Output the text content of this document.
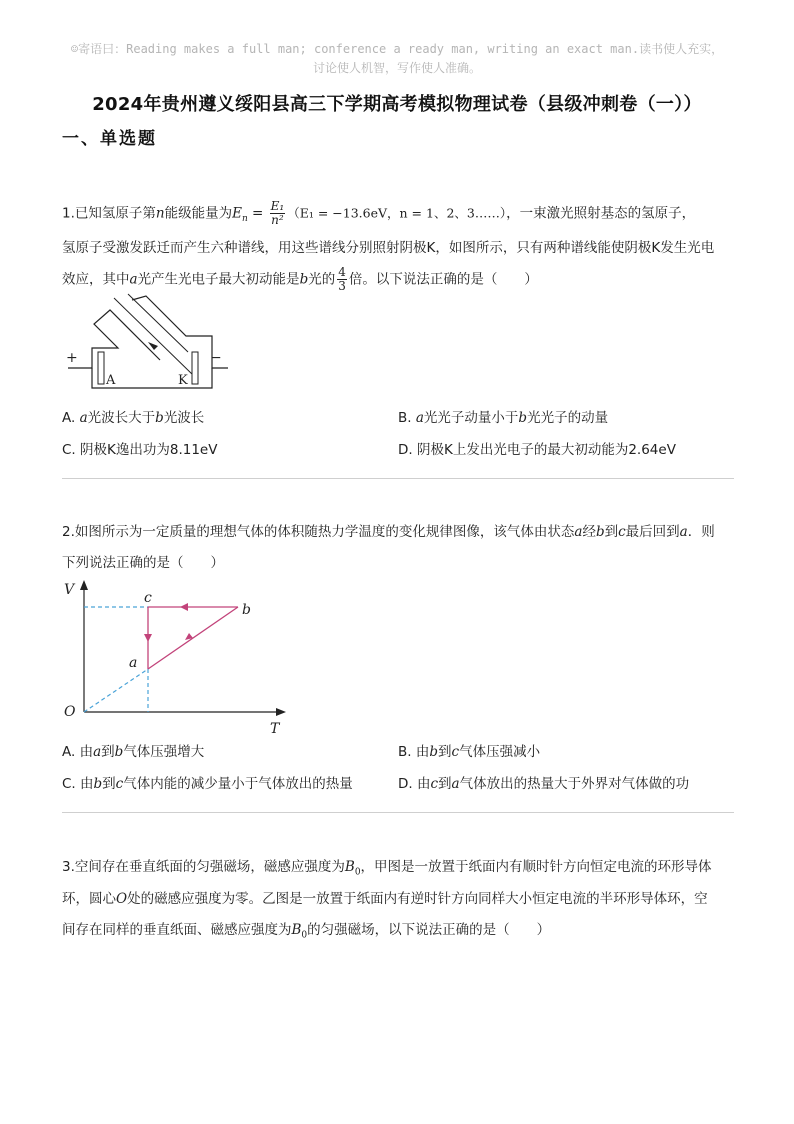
☺寄语曰：Reading makes a full man; conference a ready man, writing an exact man.读书使人充实，
讨论使人机智，写作使人准确。
2024年贵州遵义绥阳县高三下学期高考模拟物理试卷（县级冲刺卷（一））
一、单选题
1.已知氢原子第n能级能量为$E_n = \frac{\text{E₁}}{\text{n²}} (E_1 = -13.6eV$，n = 1、2、3……），一束激光照射基态的氢原子，
氢原子受激发跃迁而产生六种谱线，用这些谱线分别照射阴极K，如图所示，只有两种谱线能使阴极K发生光电
效应，其中a光产生光电子最大初动能是b光的 $\frac{4}{3}$ 倍。以下说法正确的是（　　）
+	−
A	K
A. a光波长大于b光波长	B. a光光子动量小于b光光子的动量
C. 阴极K逸出功为8.11eV	D. 阴极K上发出光电子的最大初动能为2.64eV
2.如图所示为一定质量的理想气体的体积随热力学温度的变化规律图像，该气体由状态a经b到c最后回到a．则
下列说法正确的是（　　）
V
T
O
a
b
c
A. 由a到b气体压强增大	B. 由b到c气体压强减小
C. 由b到c气体内能的减少量小于气体放出的热量	D. 由c到a气体放出的热量大于外界对气体做的功
3.空间存在垂直纸面的匀强磁场，磁感应强度为$B_0$，甲图是一放置于纸面内有顺时针方向恒定电流的环形导体
环，圆心O处的磁感应强度为零。乙图是一放置于纸面内有逆时针方向同样大小恒定电流的半环形导体环，空
间存在同样的垂直纸面、磁感应强度为$B_0$的匀强磁场，以下说法正确的是（　　）
